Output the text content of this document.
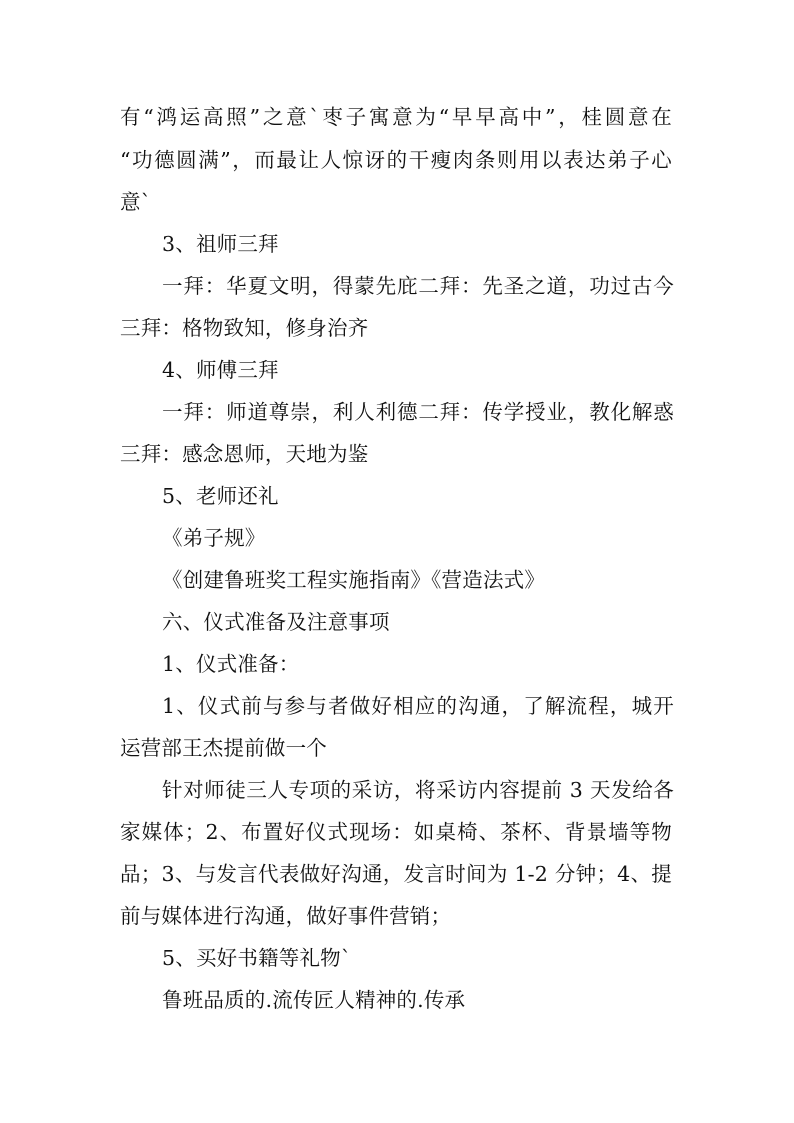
有“鸿运高照”之意`枣子寓意为“早早高中”，桂圆意在
“功德圆满”，而最让人惊讶的干瘦肉条则用以表达弟子心
意`
3、祖师三拜
一拜：华夏文明，得蒙先庇二拜：先圣之道，功过古今
三拜：格物致知，修身治齐
4、师傅三拜
一拜：师道尊崇，利人利德二拜：传学授业，教化解惑
三拜：感念恩师，天地为鉴
5、老师还礼
《弟子规》
《创建鲁班奖工程实施指南》《营造法式》
六、仪式准备及注意事项
1、仪式准备：
1、仪式前与参与者做好相应的沟通，了解流程，城开
运营部王杰提前做一个
针对师徒三人专项的采访，将采访内容提前 3 天发给各
家媒体；2、布置好仪式现场：如桌椅、茶杯、背景墙等物
品；3、与发言代表做好沟通，发言时间为 1-2 分钟；4、提
前与媒体进行沟通，做好事件营销；
5、买好书籍等礼物`
鲁班品质的.流传匠人精神的.传承
